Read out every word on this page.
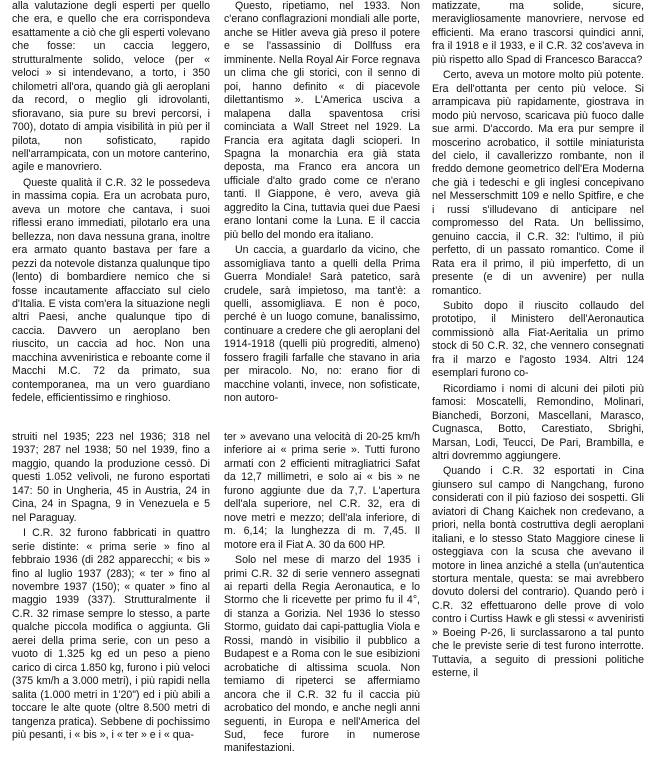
alla valutazione degli esperti per quello che era, e quello che era corrispondeva esattamente a ciò che gli esperti volevano che fosse: un caccia leggero, strutturalmente solido, veloce (per « veloci » si intendevano, a torto, i 350 chilometri all'ora, quando già gli aeroplani da record, o meglio gli idrovolanti, sfioravano, sia pure su brevi percorsi, i 700), dotato di ampia visibilità in più per il pilota, non sofisticato, rapido nell'arrampicata, con un motore canterino, agile e manovriero.

Queste qualità il C.R. 32 le possedeva in massima copia. Era un acrobata puro, aveva un motore che cantava, i suoi riflessi erano immediati, pilotarlo era una bellezza, non dava nessuna grana, inoltre era armato quanto bastava per fare a pezzi da notevole distanza qualunque tipo (lento) di bombardiere nemico che si fosse incautamente affacciato sul cielo d'Italia. E vista com'era la situazione negli altri Paesi, anche qualunque tipo di caccia. Davvero un aeroplano ben riuscito, un caccia ad hoc. Non una macchina avveniristica e reboante come il Macchi M.C. 72 da primato, sua contemporanea, ma un vero guardiano fedele, efficientissimo e ringhioso.

Questo, ripetiamo, nel 1933. Non c'erano conflagrazioni mondiali alle porte, anche se Hitler aveva già preso il potere e se l'assassinio di Dollfuss era imminente. Nella Royal Air Force regnava un clima che gli storici, con il senno di poi, hanno definito « di piacevole dilettantismo ». L'America usciva a malapena dalla spaventosa crisi cominciata a Wall Street nel 1929. La Francia era agitata dagli scioperi. In Spagna la monarchia era già stata deposta, ma Franco era ancora un ufficiale d'alto grado come ce n'erano tanti. Il Giappone, è vero, aveva già aggredito la Cina, tuttavia quei due Paesi erano lontani come la Luna. E il caccia più bello del mondo era italiano.

Un caccia, a guardarlo da vicino, che assomigliava tanto a quelli della Prima Guerra Mondiale! Sarà patetico, sarà crudele, sarà impietoso, ma tant'è: a quelli, assomigliava. E non è poco, perché è un luogo comune, banalissimo, continuare a credere che gli aeroplani del 1914-1918 (quelli più progrediti, almeno) fossero fragili farfalle che stavano in aria per miracolo. No, no: erano fior di macchine volanti, invece, non sofisticate, non autoro-

matizzate, ma solide, sicure, meravigliosamente manovriere, nervose ed efficienti. Ma erano trascorsi quindici anni, fra il 1918 e il 1933, e il C.R. 32 cos'aveva in più rispetto allo Spad di Francesco Baracca?

Certo, aveva un motore molto più potente. Era dell'ottanta per cento più veloce. Si arrampicava più rapidamente, giostrava in modo più nervoso, scaricava più fuoco dalle sue armi. D'accordo. Ma era pur sempre il moscerino acrobatico, il sottile miniaturista del cielo, il cavallerizzo rombante, non il freddo demone geometrico dell'Era Moderna che già i tedeschi e gli inglesi concepivano nel Messerschmitt 109 e nello Spitfire, e che i russi s'illudevano di anticipare nel compromesso del Rata. Un bellissimo, genuino caccia, il C.R. 32: l'ultimo, il più perfetto, di un passato romantico. Come il Rata era il primo, il più imperfetto, di un presente (e di un avvenire) per nulla romantico.

Subito dopo il riuscito collaudo del prototipo, il Ministero dell'Aeronautica commissionò alla Fiat-Aeritalia un primo stock di 50 C.R. 32, che vennero consegnati fra il marzo e l'agosto 1934. Altri 124 esemplari furono co-

Ricordiamo i nomi di alcuni dei piloti più famosi: Moscatelli, Remondino, Molinari, Bianchedi, Borzoni, Mascellani, Marasco, Cugnasca, Botto, Carestiato, Sbrighi, Marsan, Lodi, Teucci, De Pari, Brambilla, e altri dovremmo aggiungere.

Quando i C.R. 32 esportati in Cina giunsero sul campo di Nangchang, furono considerati con il più fazioso dei sospetti. Gli aviatori di Chang Kaichek non credevano, a priori, nella bontà costruttiva degli aeroplani italiani, e lo stesso Stato Maggiore cinese li osteggiava con la scusa che avevano il motore in linea anziché a stella (un'autentica stortura mentale, questa: se mai avrebbero dovuto dolersi del contrario). Quando però i C.R. 32 effettuarono delle prove di volo contro i Curtiss Hawk e gli stessi « avveniristi » Boeing P-26, li surclassarono a tal punto che le previste serie di test furono interrotte. Tuttavia, a seguito di pressioni politiche esterne, il

struiti nel 1935; 223 nel 1936; 318 nel 1937; 287 nel 1938; 50 nel 1939, fino a maggio, quando la produzione cessò. Di questi 1.052 velivoli, ne furono esportati 147: 50 in Ungheria, 45 in Austria, 24 in Cina, 24 in Spagna, 9 in Venezuela e 5 nel Paraguay.

I C.R. 32 furono fabbricati in quattro serie distinte: « prima serie » fino al febbraio 1936 (di 282 apparecchi; « bis » fino al luglio 1937 (283); « ter » fino al novembre 1937 (150); « quater » fino al maggio 1939 (337). Strutturalmente il C.R. 32 rimase sempre lo stesso, a parte qualche piccola modifica o aggiunta. Gli aerei della prima serie, con un peso a vuoto di 1.325 kg ed un peso a pieno carico di circa 1.850 kg, furono i più veloci (375 km/h a 3.000 metri), i più rapidi nella salita (1.000 metri in 1'20") ed i più abili a toccare le alte quote (oltre 8.500 metri di tangenza pratica). Sebbene di pochissimo più pesanti, i « bis », i « ter » e i « qua-

ter » avevano una velocità di 20-25 km/h inferiore ai « prima serie ». Tutti furono armati con 2 efficienti mitragliatrici Safat da 12,7 millimetri, e solo ai « bis » ne furono aggiunte due da 7,7. L'apertura dell'ala superiore, nel C.R. 32, era di nove metri e mezzo; dell'ala inferiore, di m. 6,14; la lunghezza di m. 7,45. Il motore era il Fiat A. 30 da 600 HP.

Solo nel mese di marzo del 1935 i primi C.R. 32 di serie vennero assegnati ai reparti della Regia Aeronautica, e lo Stormo che li ricevette per primo fu il 4°, di stanza a Gorizia. Nel 1936 lo stesso Stormo, guidato dai capi-pattuglia Viola e Rossi, mandò in visibilio il pubblico a Budapest e a Roma con le sue esibizioni acrobatiche di altissima scuola. Non temiamo di ripeterci se affermiamo ancora che il C.R. 32 fu il caccia più acrobatico del mondo, e anche negli anni seguenti, in Europa e nell'America del Sud, fece furore in numerose manifestazioni.
